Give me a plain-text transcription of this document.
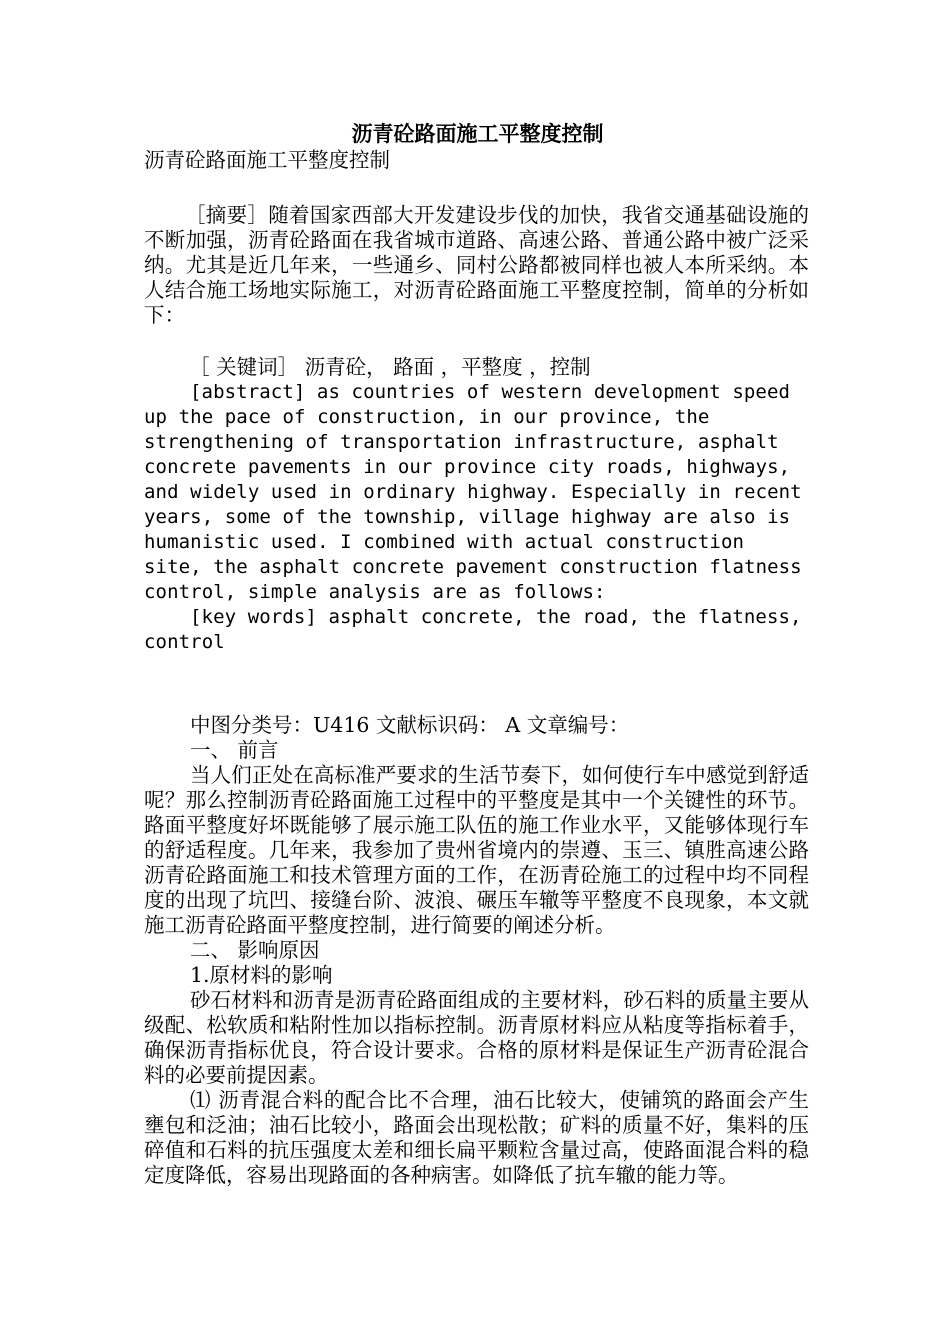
沥青砼路面施工平整度控制

沥青砼路面施工平整度控制

［摘要］随着国家西部大开发建设步伐的加快，我省交通基础设施的不断加强，沥青砼路面在我省城市道路、高速公路、普通公路中被广泛采纳。尤其是近几年来，一些通乡、同村公路都被同样也被人本所采纳。本人结合施工场地实际施工，对沥青砼路面施工平整度控制，简单的分析如下：

［ 关键词］ 沥青砼， 路面 ，平整度 ，控制

[abstract] as countries of western development speed up the pace of construction, in our province, the strengthening of transportation infrastructure, asphalt concrete pavements in our province city roads, highways, and widely used in ordinary highway. Especially in recent years, some of the township, village highway are also is humanistic used. I combined with actual construction site, the asphalt concrete pavement construction flatness control, simple analysis are as follows:

[key words] asphalt concrete, the road, the flatness, control

中图分类号：U416 文献标识码： A 文章编号：

一、 前言

当人们正处在高标准严要求的生活节奏下，如何使行车中感觉到舒适呢？那么控制沥青砼路面施工过程中的平整度是其中一个关键性的环节。路面平整度好坏既能够了展示施工队伍的施工作业水平，又能够体现行车的舒适程度。几年来，我参加了贵州省境内的崇遵、玉三、镇胜高速公路沥青砼路面施工和技术管理方面的工作，在沥青砼施工的过程中均不同程度的出现了坑凹、接缝台阶、波浪、碾压车辙等平整度不良现象，本文就施工沥青砼路面平整度控制，进行简要的阐述分析。

二、 影响原因

1.原材料的影响

砂石材料和沥青是沥青砼路面组成的主要材料，砂石料的质量主要从级配、松软质和粘附性加以指标控制。沥青原材料应从粘度等指标着手，确保沥青指标优良，符合设计要求。合格的原材料是保证生产沥青砼混合料的必要前提因素。

⑴ 沥青混合料的配合比不合理，油石比较大，使铺筑的路面会产生壅包和泛油；油石比较小，路面会出现松散；矿料的质量不好，集料的压碎值和石料的抗压强度太差和细长扁平颗粒含量过高，使路面混合料的稳定度降低，容易出现路面的各种病害。如降低了抗车辙的能力等。
